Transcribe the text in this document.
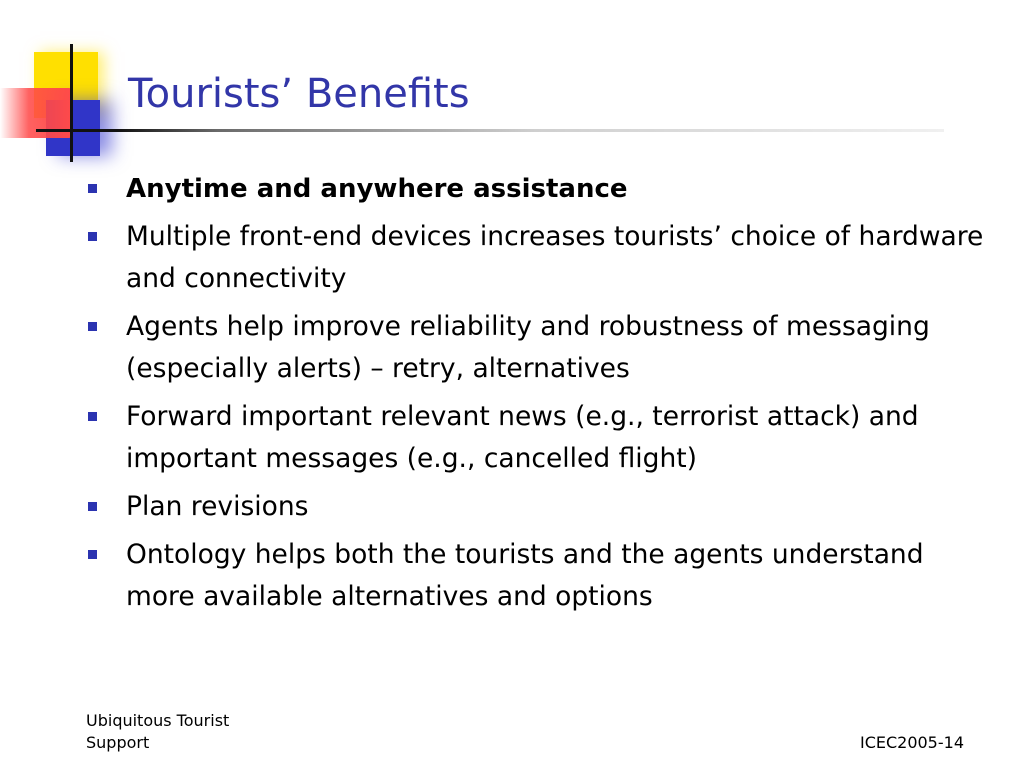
Tourists’ Benefits
Anytime and anywhere assistance
Multiple front-end devices increases tourists’ choice of hardware and connectivity
Agents help improve reliability and robustness of messaging (especially alerts) – retry, alternatives
Forward important relevant news (e.g., terrorist attack) and important messages (e.g., cancelled flight)
Plan revisions
Ontology helps both the tourists and the agents understand more available alternatives and options
Ubiquitous Tourist
Support	ICEC2005-14
